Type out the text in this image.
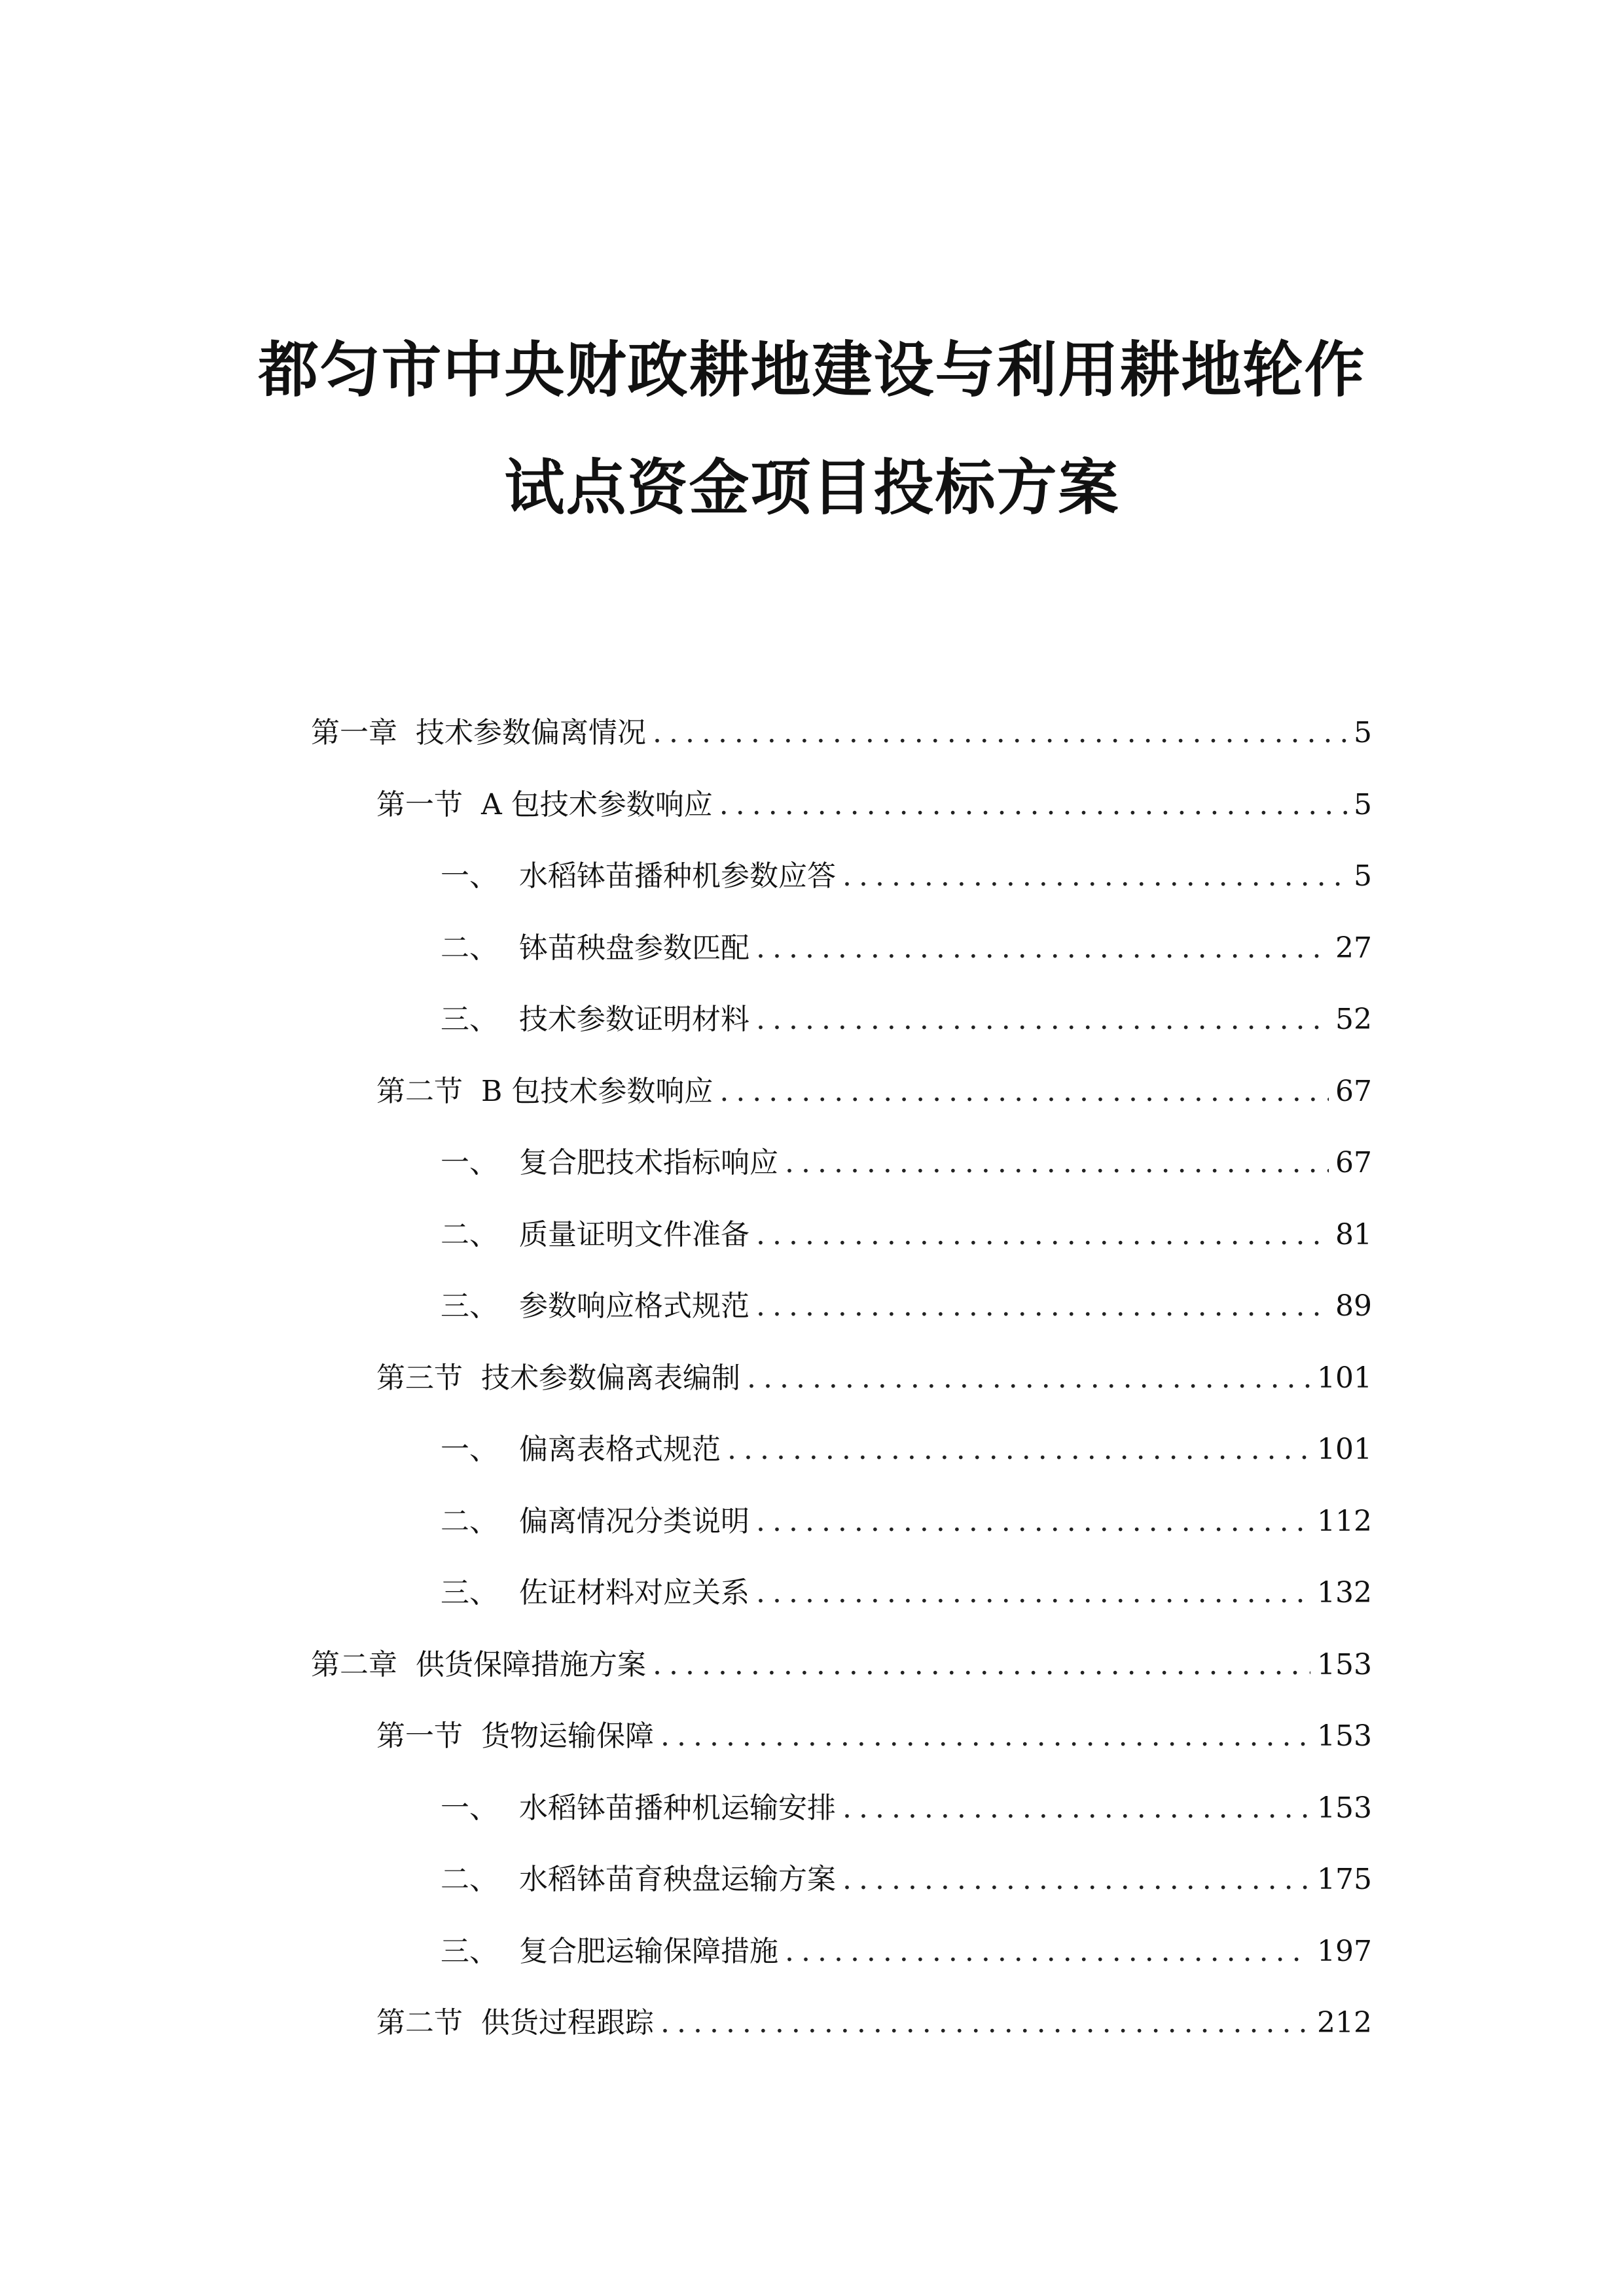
都匀市中央财政耕地建设与利用耕地轮作
试点资金项目投标方案
第一章 技术参数偏离情况 .....	5
第一节 A 包技术参数响应 .....	5
一、 水稻钵苗播种机参数应答 .....	5
二、 钵苗秧盘参数匹配 .....	27
三、 技术参数证明材料 .....	52
第二节 B 包技术参数响应 .....	67
一、 复合肥技术指标响应 .....	67
二、 质量证明文件准备 .....	81
三、 参数响应格式规范 .....	89
第三节 技术参数偏离表编制 .....	101
一、 偏离表格式规范 .....	101
二、 偏离情况分类说明 .....	112
三、 佐证材料对应关系 .....	132
第二章 供货保障措施方案 .....	153
第一节 货物运输保障 .....	153
一、 水稻钵苗播种机运输安排 .....	153
二、 水稻钵苗育秧盘运输方案 .....	175
三、 复合肥运输保障措施 .....	197
第二节 供货过程跟踪 .....	212
